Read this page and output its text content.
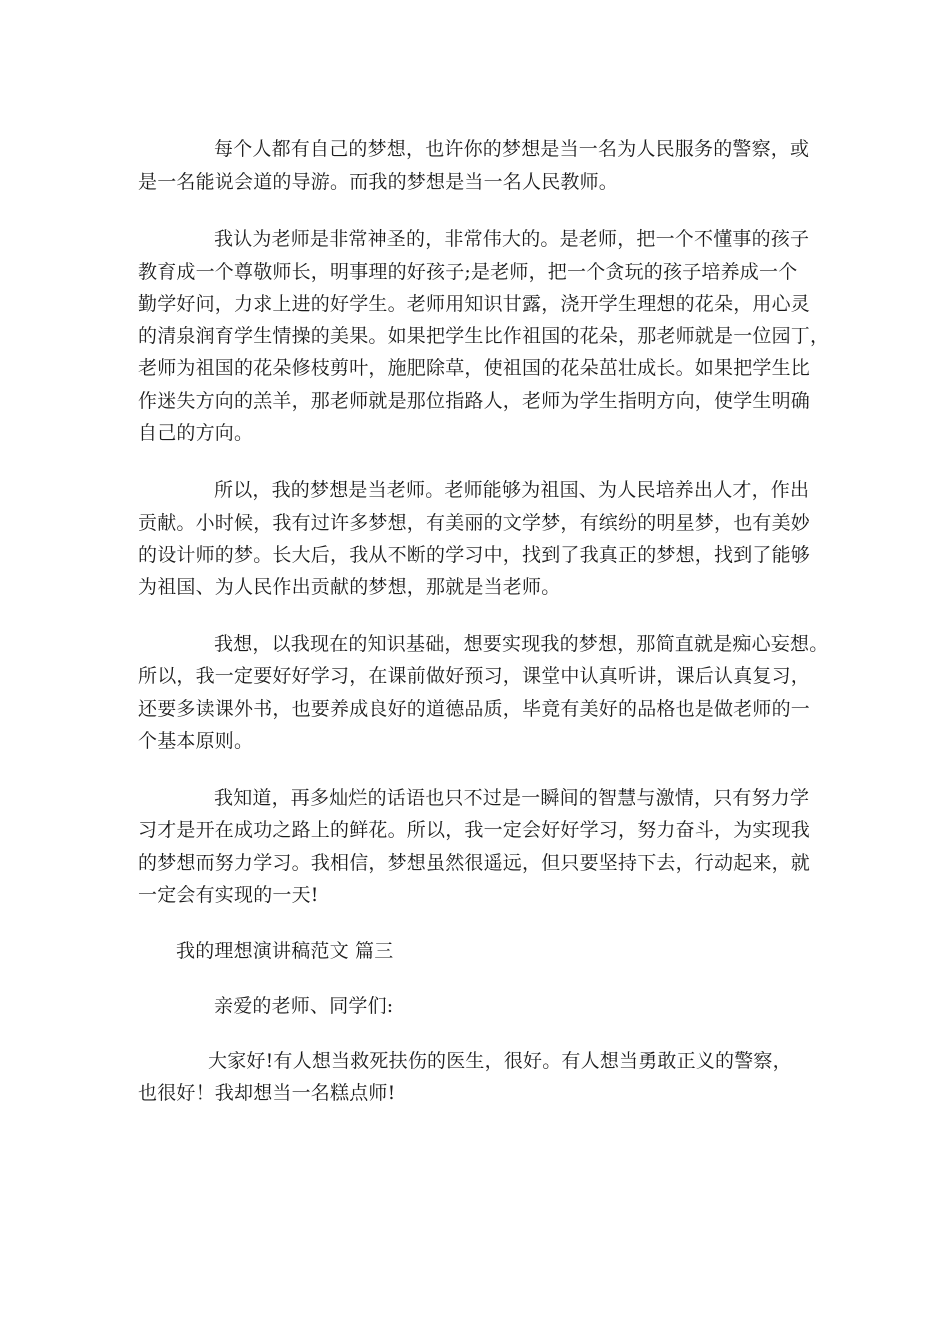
每个人都有自己的梦想，也许你的梦想是当一名为人民服务的警察，或
是一名能说会道的导游。而我的梦想是当一名人民教师。
我认为老师是非常神圣的，非常伟大的。是老师，把一个不懂事的孩子
教育成一个尊敬师长，明事理的好孩子;是老师，把一个贪玩的孩子培养成一个
勤学好问，力求上进的好学生。老师用知识甘露，浇开学生理想的花朵，用心灵
的清泉润育学生情操的美果。如果把学生比作祖国的花朵，那老师就是一位园丁，
老师为祖国的花朵修枝剪叶，施肥除草，使祖国的花朵茁壮成长。如果把学生比
作迷失方向的羔羊，那老师就是那位指路人，老师为学生指明方向，使学生明确
自己的方向。
所以，我的梦想是当老师。老师能够为祖国、为人民培养出人才，作出
贡献。小时候，我有过许多梦想，有美丽的文学梦，有缤纷的明星梦，也有美妙
的设计师的梦。长大后，我从不断的学习中，找到了我真正的梦想，找到了能够
为祖国、为人民作出贡献的梦想，那就是当老师。
我想，以我现在的知识基础，想要实现我的梦想，那简直就是痴心妄想。
所以，我一定要好好学习，在课前做好预习，课堂中认真听讲，课后认真复习，
还要多读课外书，也要养成良好的道德品质，毕竟有美好的品格也是做老师的一
个基本原则。
我知道，再多灿烂的话语也只不过是一瞬间的智慧与激情，只有努力学
习才是开在成功之路上的鲜花。所以，我一定会好好学习，努力奋斗，为实现我
的梦想而努力学习。我相信，梦想虽然很遥远，但只要坚持下去，行动起来，就
一定会有实现的一天!
我的理想演讲稿范文 篇三
亲爱的老师、同学们:
大家好!有人想当救死扶伤的医生，很好。有人想当勇敢正义的警察，
也很好！我却想当一名糕点师!
